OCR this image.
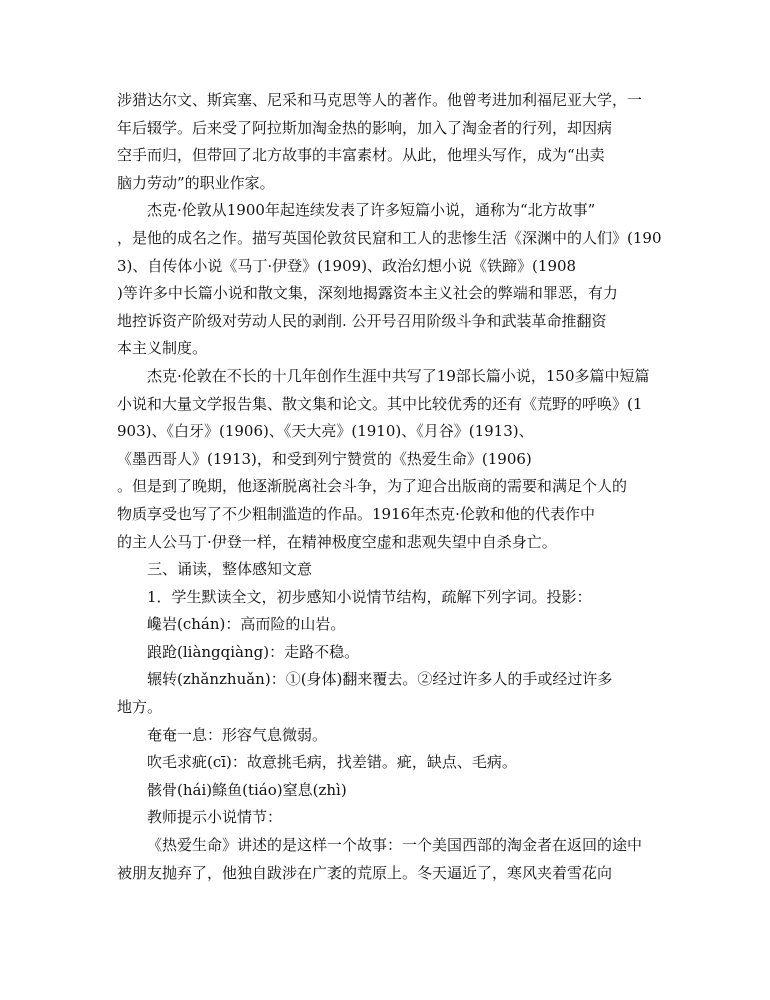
涉猎达尔文、斯宾塞、尼采和马克思等人的著作。他曾考进加利福尼亚大学，一
年后辍学。后来受了阿拉斯加淘金热的影响，加入了淘金者的行列，却因病
空手而归，但带回了北方故事的丰富素材。从此，他埋头写作，成为“出卖
脑力劳动”的职业作家。
杰克·伦敦从1900年起连续发表了许多短篇小说，通称为“北方故事”
，是他的成名之作。描写英国伦敦贫民窟和工人的悲惨生活《深渊中的人们》(190
3)、自传体小说《马丁·伊登》(1909)、政治幻想小说《铁蹄》(1908
)等许多中长篇小说和散文集，深刻地揭露资本主义社会的弊端和罪恶，有力
地控诉资产阶级对劳动人民的剥削. 公开号召用阶级斗争和武装革命推翻资
本主义制度。
杰克·伦敦在不长的十几年创作生涯中共写了19部长篇小说，150多篇中短篇
小说和大量文学报告集、散文集和论文。其中比较优秀的还有《荒野的呼唤》(1
903)、《白牙》(1906)、《天大亮》(1910)、《月谷》(1913)、
《墨西哥人》(1913)，和受到列宁赞赏的《热爱生命》(1906)
。但是到了晚期，他逐渐脱离社会斗争，为了迎合出版商的需要和满足个人的
物质享受也写了不少粗制滥造的作品。1916年杰克·伦敦和他的代表作中
的主人公马丁·伊登一样，在精神极度空虚和悲观失望中自杀身亡。
三、诵读，整体感知文意
1．学生默读全文，初步感知小说情节结构，疏解下列字词。投影：
巉岩(chán)：高而险的山岩。
踉跄(liàngqiàng)：走路不稳。
辗转(zhǎnzhuǎn)：①(身体)翻来覆去。②经过许多人的手或经过许多
地方。
奄奄一息：形容气息微弱。
吹毛求疵(cī)：故意挑毛病，找差错。疵，缺点、毛病。
骸骨(hái)鲦鱼(tiáo)窒息(zhì)
教师提示小说情节：
《热爱生命》讲述的是这样一个故事：一个美国西部的淘金者在返回的途中
被朋友抛弃了，他独自跋涉在广袤的荒原上。冬天逼近了，寒风夹着雪花向
